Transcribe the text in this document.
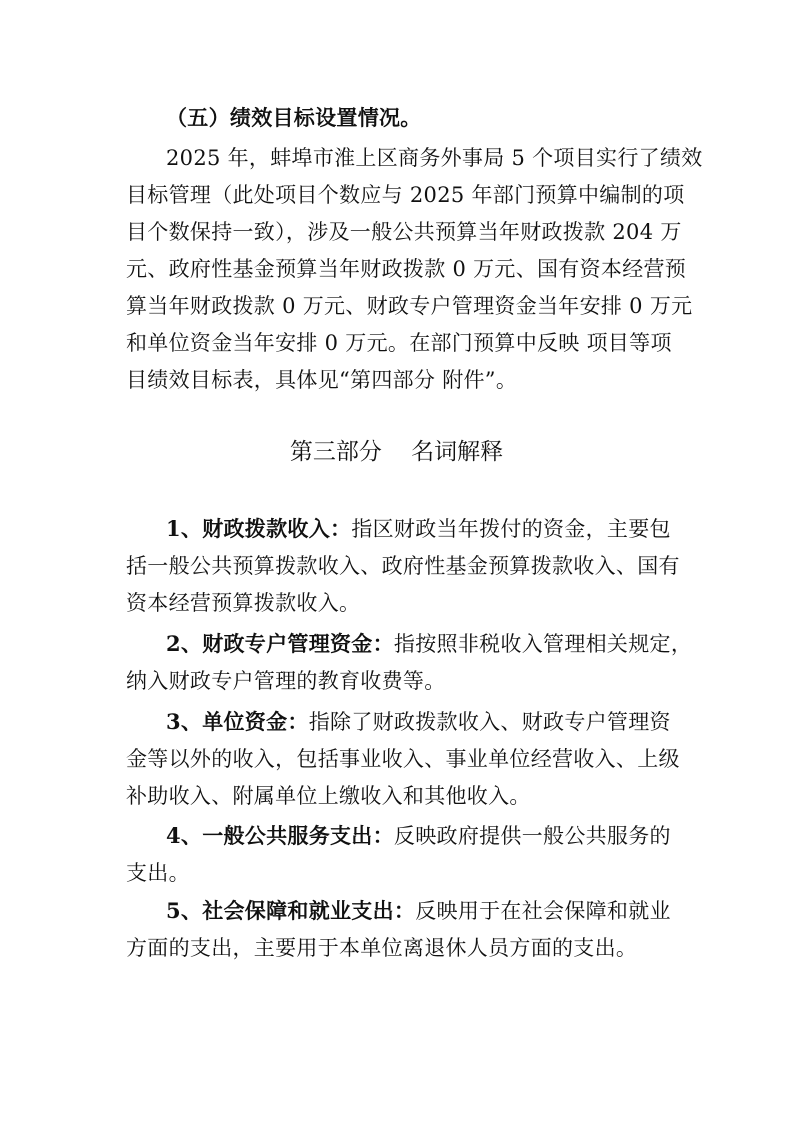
（五）绩效目标设置情况。
2025 年，蚌埠市淮上区商务外事局 5 个项目实行了绩效
目标管理（此处项目个数应与 2025 年部门预算中编制的项
目个数保持一致），涉及一般公共预算当年财政拨款 204 万
元、政府性基金预算当年财政拨款 0 万元、国有资本经营预
算当年财政拨款 0 万元、财政专户管理资金当年安排 0 万元
和单位资金当年安排 0 万元。在部门预算中反映 项目等项
目绩效目标表，具体见“第四部分 附件”。
第三部分    名词解释
1、财政拨款收入：指区财政当年拨付的资金，主要包
括一般公共预算拨款收入、政府性基金预算拨款收入、国有
资本经营预算拨款收入。
2、财政专户管理资金：指按照非税收入管理相关规定，
纳入财政专户管理的教育收费等。
3、单位资金：指除了财政拨款收入、财政专户管理资
金等以外的收入，包括事业收入、事业单位经营收入、上级
补助收入、附属单位上缴收入和其他收入。
4、一般公共服务支出：反映政府提供一般公共服务的
支出。
5、社会保障和就业支出：反映用于在社会保障和就业
方面的支出，主要用于本单位离退休人员方面的支出。
